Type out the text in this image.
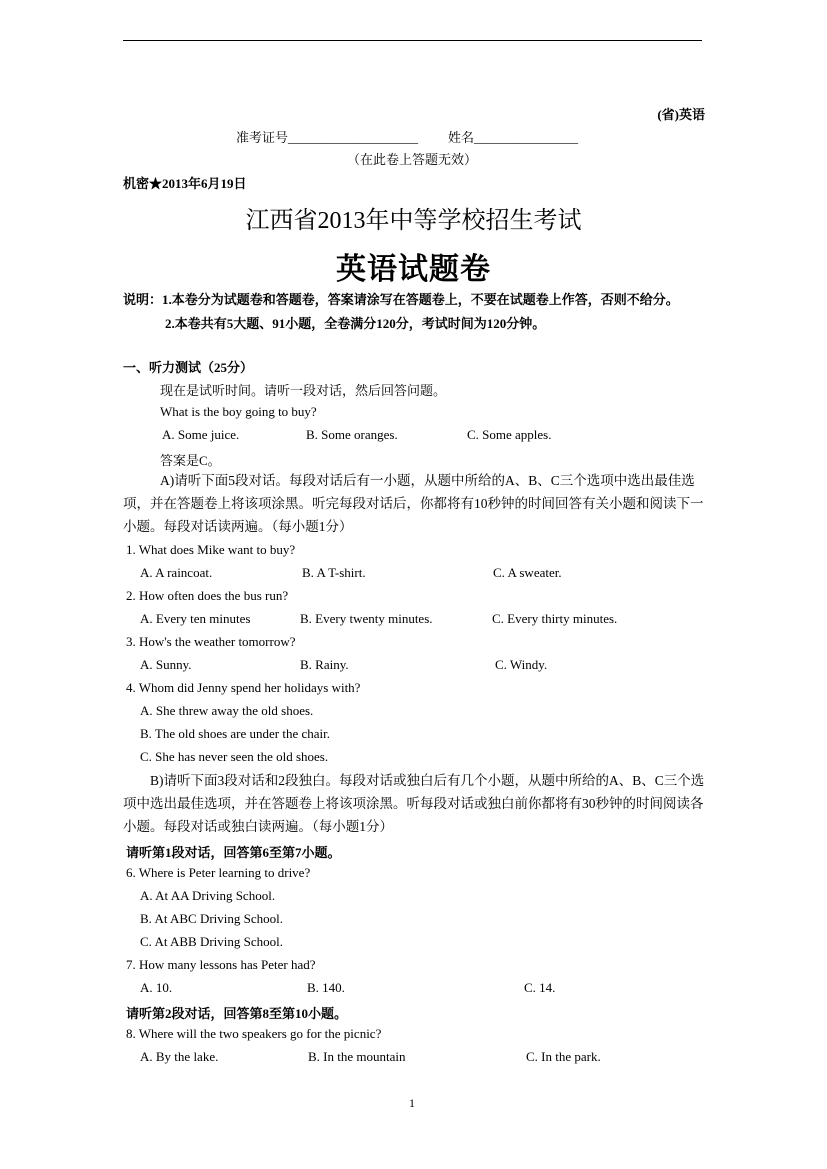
(省)英语
准考证号____________________ 姓名________________
（在此卷上答题无效）
机密★2013年6月19日
江西省2013年中等学校招生考试
英语试题卷
说明：1.本卷分为试题卷和答题卷，答案请涂写在答题卷上，不要在试题卷上作答，否则不给分。
2.本卷共有5大题、91小题，全卷满分120分，考试时间为120分钟。
一、听力测试（25分）
现在是试听时间。请听一段对话，然后回答问题。
What is the boy going to buy?
A. Some juice.	B. Some oranges.	C. Some apples.
答案是C。
A)请听下面5段对话。每段对话后有一小题，从题中所给的A、B、C三个选项中选出最佳选项，并在答题卷上将该项涂黑。听完每段对话后，你都将有10秒钟的时间回答有关小题和阅读下一小题。每段对话读两遍。（每小题1分）
1. What does Mike want to buy?
A. A raincoat.	B. A T-shirt.	C. A sweater.
2. How often does the bus run?
A. Every ten minutes	B. Every twenty minutes.	C. Every thirty minutes.
3. How's the weather tomorrow?
A. Sunny.	B. Rainy.	C. Windy.
4. Whom did Jenny spend her holidays with?
A. She threw away the old shoes.
B. The old shoes are under the chair.
C. She has never seen the old shoes.
B)请听下面3段对话和2段独白。每段对话或独白后有几个小题，从题中所给的A、B、C三个选项中选出最佳选项，并在答题卷上将该项涂黑。听每段对话或独白前你都将有30秒钟的时间阅读各小题。每段对话或独白读两遍。（每小题1分）
请听第1段对话，回答第6至第7小题。
6. Where is Peter learning to drive?
A. At AA Driving School.
B. At ABC Driving School.
C. At ABB Driving School.
7. How many lessons has Peter had?
A. 10.	B. 140.	C. 14.
请听第2段对话，回答第8至第10小题。
8. Where will the two speakers go for the picnic?
A. By the lake.	B. In the mountain	C. In the park.
1
